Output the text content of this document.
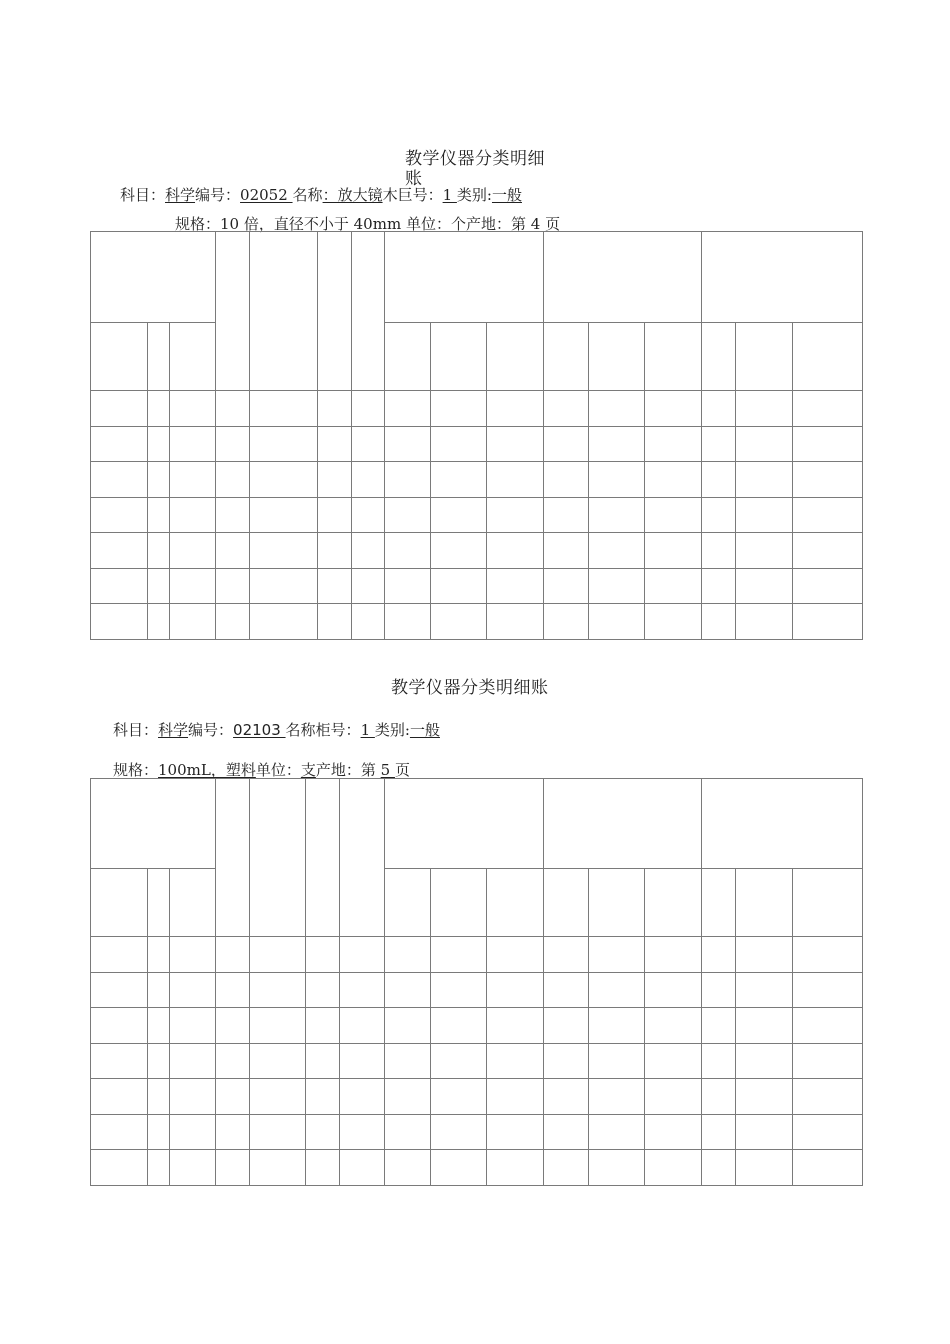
教学仪器分类明细
账
科目：科学编号：02052 名称：放大镜木巨号：1 类别:一般
规格：10 倍，直径不小于 40mm 单位：个产地：第 4 页

教学仪器分类明细账
科目：科学编号：02103 名称柜号：1 类别:一般
规格：100mL，塑料单位：支产地：第 5 页
